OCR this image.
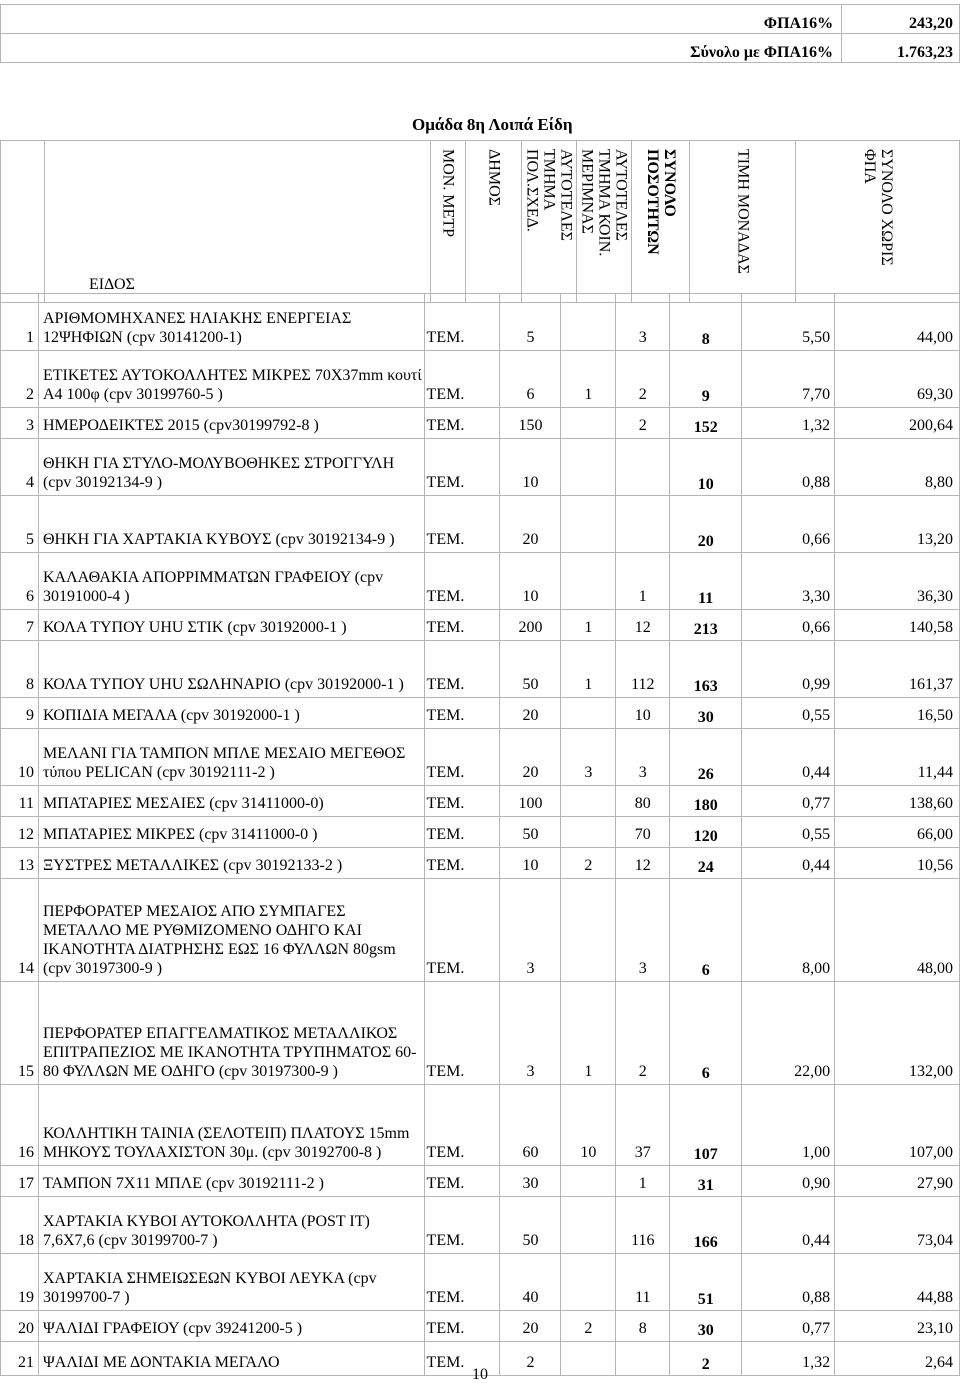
ΦΠΑ16%	243,20
Σύνολο με ΦΠΑ16%	1.763,23
Ομάδα 8η Λοιπά Είδη
	ΕΙΔΟΣ	
ΜΟΝ. ΜΕΤΡ	ΔΗΜΟΣ	ΑΥΤΟΤΕΛΕΣ ΤΜΗΜΑ ΠΟΛ.ΣΧΕΔ.	ΑΥΤΟΤΕΛΕΣ ΤΜΗΜΑ ΚΟΙΝ. ΜΕΡΙΜΝΑΣ	ΣΥΝΟΛΟ ΠΟΣΟΤΗΤΩΝ	ΤΙΜΗ ΜΟΝΑΔΑΣ	ΣΥΝΟΛΟ ΧΩΡΙΣ ΦΠΑ
1	ΑΡΙΘΜΟΜΗΧΑΝΕΣ ΗΛΙΑΚΗΣ ΕΝΕΡΓΕΙΑΣ 12ΨΗΦΙΩΝ (cpv 30141200-1)	ΤΕΜ.	5		3	8	5,50	44,00
2	ΕΤΙΚΕΤΕΣ ΑΥΤΟΚΟΛΛΗΤΕΣ ΜΙΚΡΕΣ 70Χ37mm κουτί Α4 100φ (cpv 30199760-5 )	ΤΕΜ.	6	1	2	9	7,70	69,30
3	ΗΜΕΡΟΔΕΙΚΤΕΣ 2015 (cpv30199792-8 )	ΤΕΜ.	150		2	152	1,32	200,64
4	ΘΗΚΗ ΓΙΑ ΣΤΥΛΟ-ΜΟΛΥΒΟΘΗΚΕΣ ΣΤΡΟΓΓΥΛΗ (cpv 30192134-9 )	ΤΕΜ.	10			10	0,88	8,80
5	ΘΗΚΗ ΓΙΑ ΧΑΡΤΑΚΙΑ ΚΥΒΟΥΣ (cpv 30192134-9 )	ΤΕΜ.	20			20	0,66	13,20
6	ΚΑΛΑΘΑΚΙΑ ΑΠΟΡΡΙΜΜΑΤΩΝ ΓΡΑΦΕΙΟΥ (cpv 30191000-4 )	ΤΕΜ.	10		1	11	3,30	36,30
7	ΚΟΛΑ ΤΥΠΟΥ UHU ΣΤΙΚ (cpv 30192000-1 )	ΤΕΜ.	200	1	12	213	0,66	140,58
8	ΚΟΛΑ ΤΥΠΟΥ UHU ΣΩΛΗΝΑΡΙΟ (cpv 30192000-1 )	ΤΕΜ.	50	1	112	163	0,99	161,37
9	ΚΟΠΙΔΙΑ ΜΕΓΑΛΑ (cpv 30192000-1 )	ΤΕΜ.	20		10	30	0,55	16,50
10	ΜΕΛΑΝΙ ΓΙΑ ΤΑΜΠΟΝ ΜΠΛΕ ΜΕΣΑΙΟ ΜΕΓΕΘΟΣ τύπου PELICAN (cpv 30192111-2 )	ΤΕΜ.	20	3	3	26	0,44	11,44
11	ΜΠΑΤΑΡΙΕΣ ΜΕΣΑΙΕΣ (cpv 31411000-0)	ΤΕΜ.	100		80	180	0,77	138,60
12	ΜΠΑΤΑΡΙΕΣ ΜΙΚΡΕΣ (cpv 31411000-0 )	ΤΕΜ.	50		70	120	0,55	66,00
13	ΞΥΣΤΡΕΣ ΜΕΤΑΛΛΙΚΕΣ (cpv 30192133-2 )	ΤΕΜ.	10	2	12	24	0,44	10,56
14	ΠΕΡΦΟΡΑΤΕΡ ΜΕΣΑΙΟΣ ΑΠΟ ΣΥΜΠΑΓΕΣ ΜΕΤΑΛΛΟ ΜΕ ΡΥΘΜΙΖΟΜΕΝΟ ΟΔΗΓΟ ΚΑΙ ΙΚΑΝΟΤΗΤΑ ΔΙΑΤΡΗΣΗΣ ΕΩΣ 16 ΦΥΛΛΩΝ 80gsm (cpv 30197300-9 )	ΤΕΜ.	3		3	6	8,00	48,00
15	ΠΕΡΦΟΡΑΤΕΡ ΕΠΑΓΓΕΛΜΑΤΙΚΟΣ ΜΕΤΑΛΛΙΚΟΣ ΕΠΙΤΡΑΠΕΖΙΟΣ ΜΕ ΙΚΑΝΟΤΗΤΑ ΤΡΥΠΗΜΑΤΟΣ 60-80 ΦΥΛΛΩΝ ΜΕ ΟΔΗΓΟ (cpv 30197300-9 )	ΤΕΜ.	3	1	2	6	22,00	132,00
16	ΚΟΛΛΗΤΙΚΗ ΤΑΙΝΙΑ (ΣΕΛΟΤΕΙΠ) ΠΛΑΤΟΥΣ 15mm ΜΗΚΟΥΣ ΤΟΥΛΑΧΙΣΤΟΝ 30μ. (cpv 30192700-8 )	ΤΕΜ.	60	10	37	107	1,00	107,00
17	ΤΑΜΠΟΝ 7Χ11 ΜΠΛΕ (cpv 30192111-2 )	ΤΕΜ.	30		1	31	0,90	27,90
18	ΧΑΡΤΑΚΙΑ ΚΥΒΟΙ ΑΥΤΟΚΟΛΛΗΤΑ (POST IT) 7,6Χ7,6 (cpv 30199700-7 )	ΤΕΜ.	50		116	166	0,44	73,04
19	ΧΑΡΤΑΚΙΑ ΣΗΜΕΙΩΣΕΩΝ ΚΥΒΟΙ ΛΕΥΚΑ (cpv 30199700-7 )	ΤΕΜ.	40		11	51	0,88	44,88
20	ΨΑΛΙΔΙ ΓΡΑΦΕΙΟΥ (cpv 39241200-5 )	ΤΕΜ.	20	2	8	30	0,77	23,10
21	ΨΑΛΙΔΙ ΜΕ ΔΟΝΤΑΚΙΑ ΜΕΓΑΛΟ	ΤΕΜ.	2			2	1,32	2,64
10
